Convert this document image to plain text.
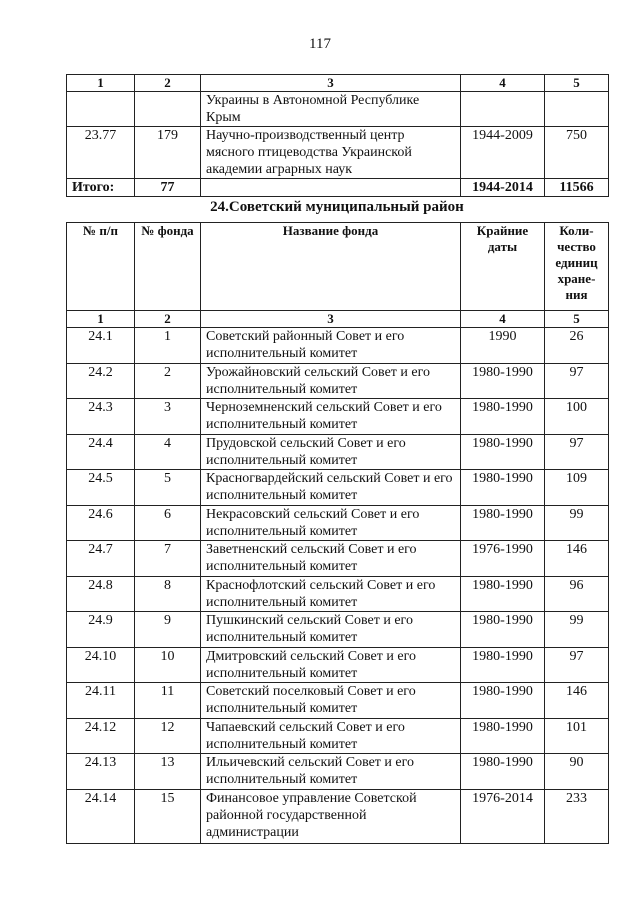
117
1	2	3	4	5
		Украины в Автономной Республике Крым		
23.77	179	Научно-производственный центр мясного птицеводства Украинской академии аграрных наук	1944-2009	750
Итого:	77		1944-2014	11566
24.Советский муниципальный район
№ п/п	№ фонда	Название фонда	Крайние даты	Коли-чество единиц хране-ния
1	2	3	4	5
24.1	1	Советский районный Совет и его исполнительный комитет	1990	26
24.2	2	Урожайновский сельский Совет и его исполнительный комитет	1980-1990	97
24.3	3	Черноземненский сельский Совет и его исполнительный комитет	1980-1990	100
24.4	4	Прудовской сельский Совет и его исполнительный комитет	1980-1990	97
24.5	5	Красногвардейский сельский Совет и его исполнительный комитет	1980-1990	109
24.6	6	Некрасовский сельский Совет и его исполнительный комитет	1980-1990	99
24.7	7	Заветненский сельский Совет и его исполнительный комитет	1976-1990	146
24.8	8	Краснофлотский сельский Совет и его исполнительный комитет	1980-1990	96
24.9	9	Пушкинский сельский Совет и его исполнительный комитет	1980-1990	99
24.10	10	Дмитровский сельский Совет и его исполнительный комитет	1980-1990	97
24.11	11	Советский поселковый Совет и его исполнительный комитет	1980-1990	146
24.12	12	Чапаевский сельский Совет и его исполнительный комитет	1980-1990	101
24.13	13	Ильичевский сельский Совет и его исполнительный комитет	1980-1990	90
24.14	15	Финансовое управление Советской районной государственной администрации	1976-2014	233
